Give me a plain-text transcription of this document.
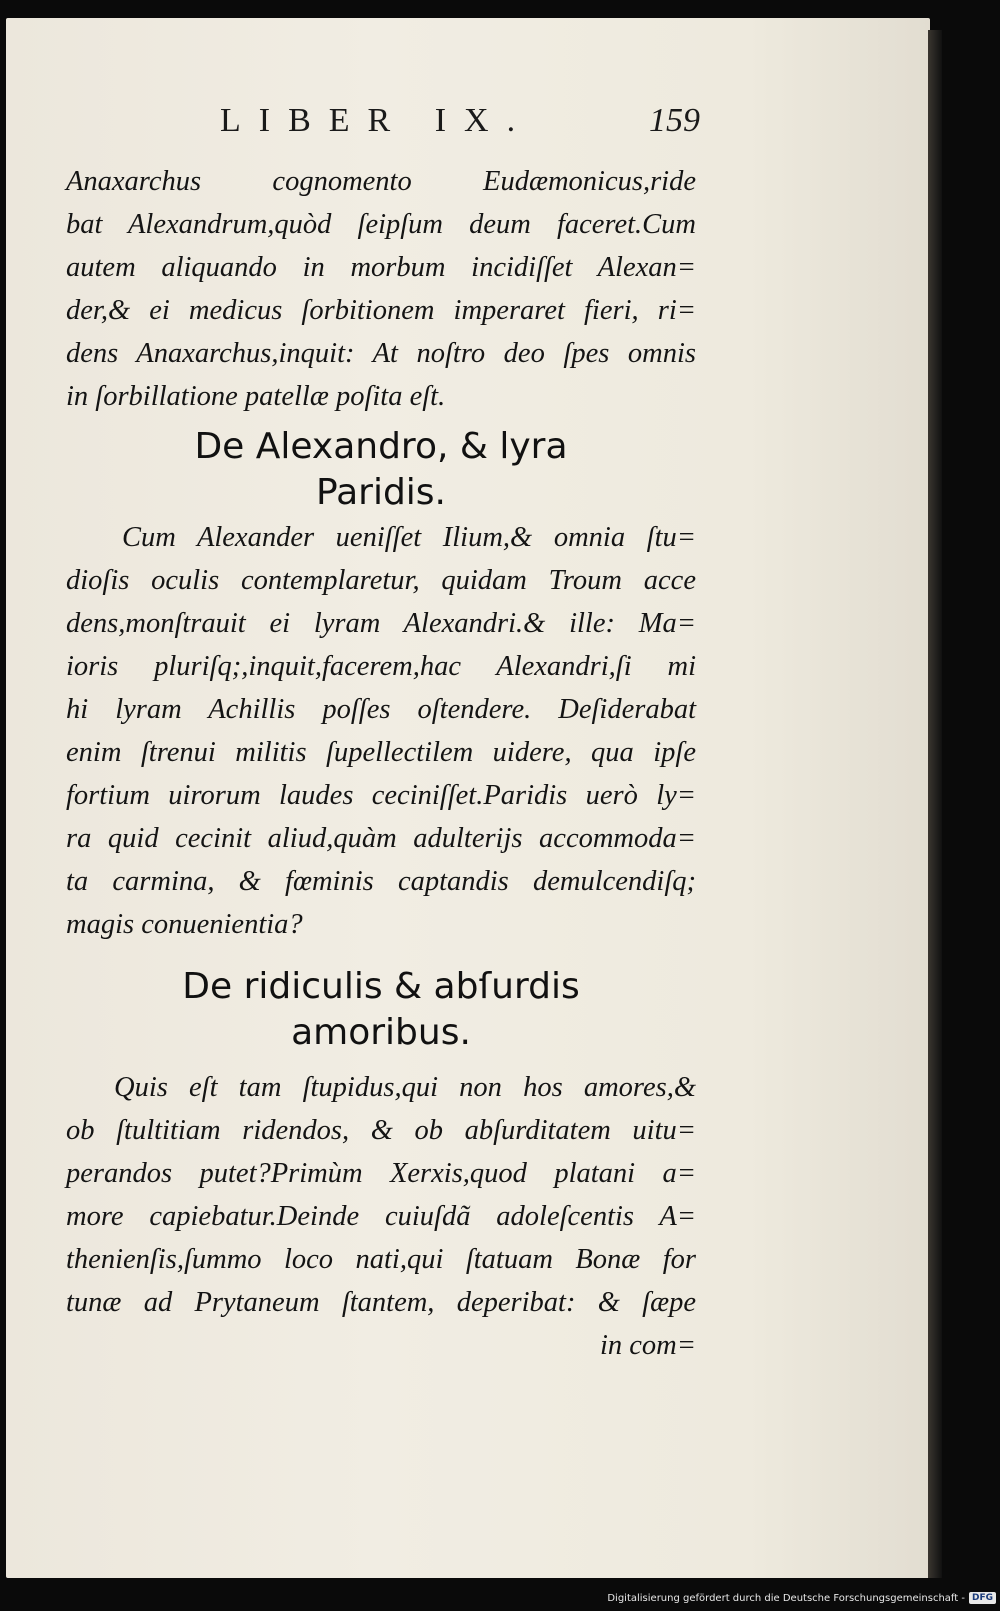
LIBER IX.	159
Anaxarchus cognomento Eudæmonicus,ride
bat Alexandrum,quòd ſeipſum deum faceret.Cum
autem aliquando in morbum incidiſſet Alexan=
der,& ei medicus ſorbitionem imperaret fieri, ri=
dens Anaxarchus,inquit: At noſtro deo ſpes omnis
in ſorbillatione patellæ poſita eſt.
De Alexandro, & lyra
Paridis.
Cum Alexander ueniſſet Ilium,& omnia ſtu=
dioſis oculis contemplaretur, quidam Troum acce
dens,monſtrauit ei lyram Alexandri.& ille: Ma=
ioris pluriſq;,inquit,facerem,hac Alexandri,ſi mi
hi lyram Achillis poſſes oſtendere. Deſiderabat
enim ſtrenui militis ſupellectilem uidere, qua ipſe
fortium uirorum laudes ceciniſſet.Paridis uerò ly=
ra quid cecinit aliud,quàm adulterijs accommoda=
ta carmina, & fœminis captandis demulcendiſq;
magis conuenientia?
De ridiculis & abſurdis
amoribus.
Quis eſt tam ſtupidus,qui non hos amores,&
ob ſtultitiam ridendos, & ob abſurditatem uitu=
perandos putet?Primùm Xerxis,quod platani a=
more capiebatur.Deinde cuiuſdã adoleſcentis A=
thenienſis,ſummo loco nati,qui ſtatuam Bonæ for
tunæ ad Prytaneum ſtantem, deperibat: & ſæpe
in com=
Digitalisierung gefördert durch die Deutsche Forschungsgemeinschaft - DFG
